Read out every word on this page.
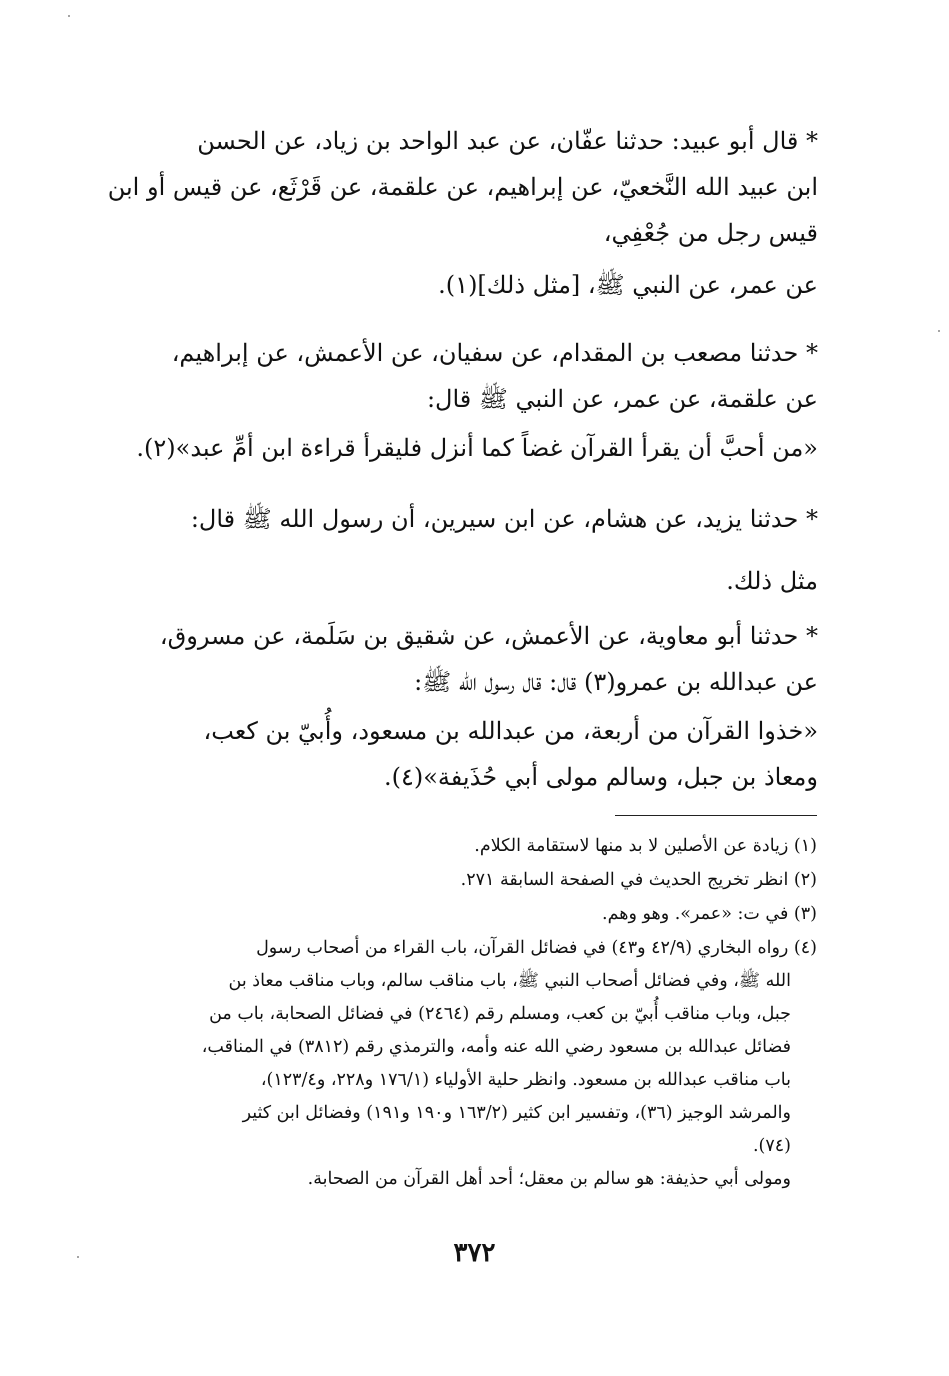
* قال أبو عبيد: حدثنا عفّان، عن عبد الواحد بن زياد، عن الحسن
ابن عبيد الله النَّخعيّ، عن إبراهيم، عن علقمة، عن قَرْثَع، عن قيس أو ابن
قيس رجل من جُعْفِي،

عن عمر، عن النبي ﷺ، [مثل ذلك](١).

* حدثنا مصعب بن المقدام، عن سفيان، عن الأعمش، عن إبراهيم،
عن علقمة، عن عمر، عن النبي ﷺ قال:

«من أحبَّ أن يقرأ القرآن غضاً كما أنزل فليقرأ قراءة ابن أمِّ عبد»(٢).

* حدثنا يزيد، عن هشام، عن ابن سيرين، أن رسول الله ﷺ قال:
مثل ذلك.

* حدثنا أبو معاوية، عن الأعمش، عن شقيق بن سَلَمة، عن مسروق،
عن عبدالله بن عمرو(٣) قال: قال رسول الله ﷺ:

«خذوا القرآن من أربعة، من عبدالله بن مسعود، وأُبيّ بن كعب،
ومعاذ بن جبل، وسالم مولى أبي حُذَيفة»(٤).

(١) زيادة عن الأصلين لا بد منها لاستقامة الكلام.

(٢) انظر تخريج الحديث في الصفحة السابقة ٢٧١.

(٣) في ت: «عمر». وهو وهم.

(٤) رواه البخاري (٤٢/٩ و٤٣) في فضائل القرآن، باب القراء من أصحاب رسول
الله ﷺ، وفي فضائل أصحاب النبي ﷺ، باب مناقب سالم، وباب مناقب معاذ بن
جبل، وباب مناقب أُبيّ بن كعب، ومسلم رقم (٢٤٦٤) في فضائل الصحابة، باب من
فضائل عبدالله بن مسعود رضي الله عنه وأمه، والترمذي رقم (٣٨١٢) في المناقب،
باب مناقب عبدالله بن مسعود. وانظر حلية الأولياء (١٧٦/١ و٢٢٨، و١٢٣/٤)،
والمرشد الوجيز (٣٦)، وتفسير ابن كثير (١٦٣/٢ و١٩٠ و١٩١) وفضائل ابن كثير
(٧٤).
ومولى أبي حذيفة: هو سالم بن معقل؛ أحد أهل القرآن من الصحابة.

٣٧٢
